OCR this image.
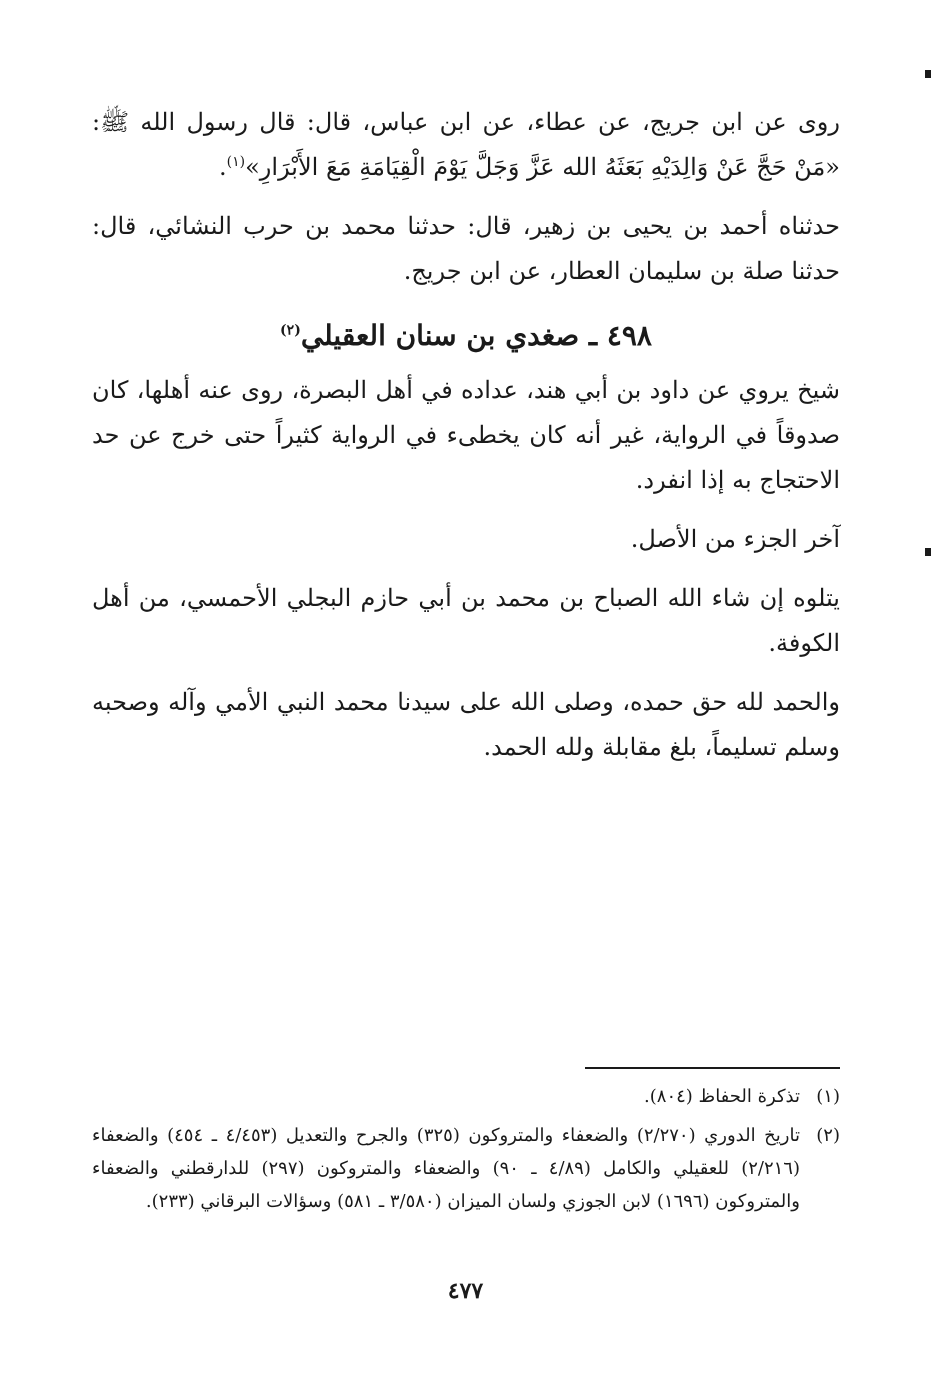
روى عن ابن جريج، عن عطاء، عن ابن عباس، قال: قال رسول الله ﷺ: «مَنْ حَجَّ عَنْ وَالِدَيْهِ بَعَثَهُ الله عَزَّ وَجَلَّ يَوْمَ الْقِيَامَةِ مَعَ الأَبْرَارِ»$^{(١)}$.

حدثناه أحمد بن يحيى بن زهير، قال: حدثنا محمد بن حرب النشائي، قال: حدثنا صلة بن سليمان العطار، عن ابن جريج.

٤٩٨ ـ صغدي بن سنان العقيلي$^{(٢)}$

شيخ يروي عن داود بن أبي هند، عداده في أهل البصرة، روى عنه أهلها، كان صدوقاً في الرواية، غير أنه كان يخطىء في الرواية كثيراً حتى خرج عن حد الاحتجاج به إذا انفرد.

آخر الجزء من الأصل.

يتلوه إن شاء الله الصباح بن محمد بن أبي حازم البجلي الأحمسي، من أهل الكوفة.

والحمد لله حق حمده، وصلى الله على سيدنا محمد النبي الأمي وآله وصحبه وسلم تسليماً، بلغ مقابلة ولله الحمد.

(١)
تذكرة الحفاظ (٨٠٤).
(٢)
تاريخ الدوري (٢/٢٧٠) والضعفاء والمتروكون (٣٢٥) والجرح والتعديل (٤/٤٥٣ ـ ٤٥٤) والضعفاء (٢/٢١٦) للعقيلي والكامل (٤/٨٩ ـ ٩٠) والضعفاء والمتروكون (٢٩٧) للدارقطني والضعفاء والمتروكون (١٦٩٦) لابن الجوزي ولسان الميزان (٣/٥٨٠ ـ ٥٨١) وسؤالات البرقاني (٢٣٣).
٤٧٧
